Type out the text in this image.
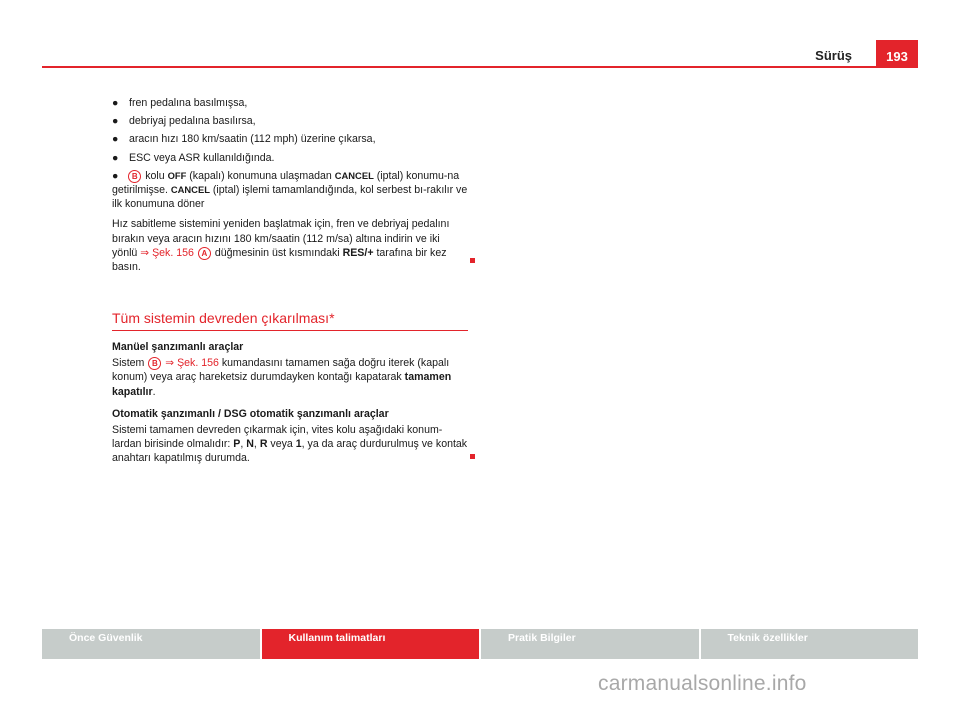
Sürüş	193

● fren pedalına basılmışsa,

● debriyaj pedalına basılırsa,

● aracın hızı 180 km/saatin (112 mph) üzerine çıkarsa,

● ESC veya ASR kullanıldığında.

● B kolu OFF (kapalı) konumuna ulaşmadan CANCEL (iptal) konumu-na getirilmişse. CANCEL (iptal) işlemi tamamlandığında, kol serbest bı-rakılır ve ilk konumuna döner

Hız sabitleme sistemini yeniden başlatmak için, fren ve debriyaj pedalını bırakın veya aracın hızını 180 km/saatin (112 m/sa) altına indirin ve iki yönlü ⇒ Şek. 156 A düğmesinin üst kısmındaki RES/+ tarafına bir kez basın.

Tüm sistemin devreden çıkarılması*

Manüel şanzımanlı araçlar

Sistem B ⇒ Şek. 156 kumandasını tamamen sağa doğru iterek (kapalı konum) veya araç hareketsiz durumdayken kontağı kapatarak tamamen kapatılır.

Otomatik şanzımanlı / DSG otomatik şanzımanlı araçlar

Sistemi tamamen devreden çıkarmak için, vites kolu aşağıdaki konum-lardan birisinde olmalıdır: P, N, R veya 1, ya da araç durdurulmuş ve kontak anahtarı kapatılmış durumda.

Önce Güvenlik	Kullanım talimatları	Pratik Bilgiler	Teknik özellikler
carmanualsonline.info
